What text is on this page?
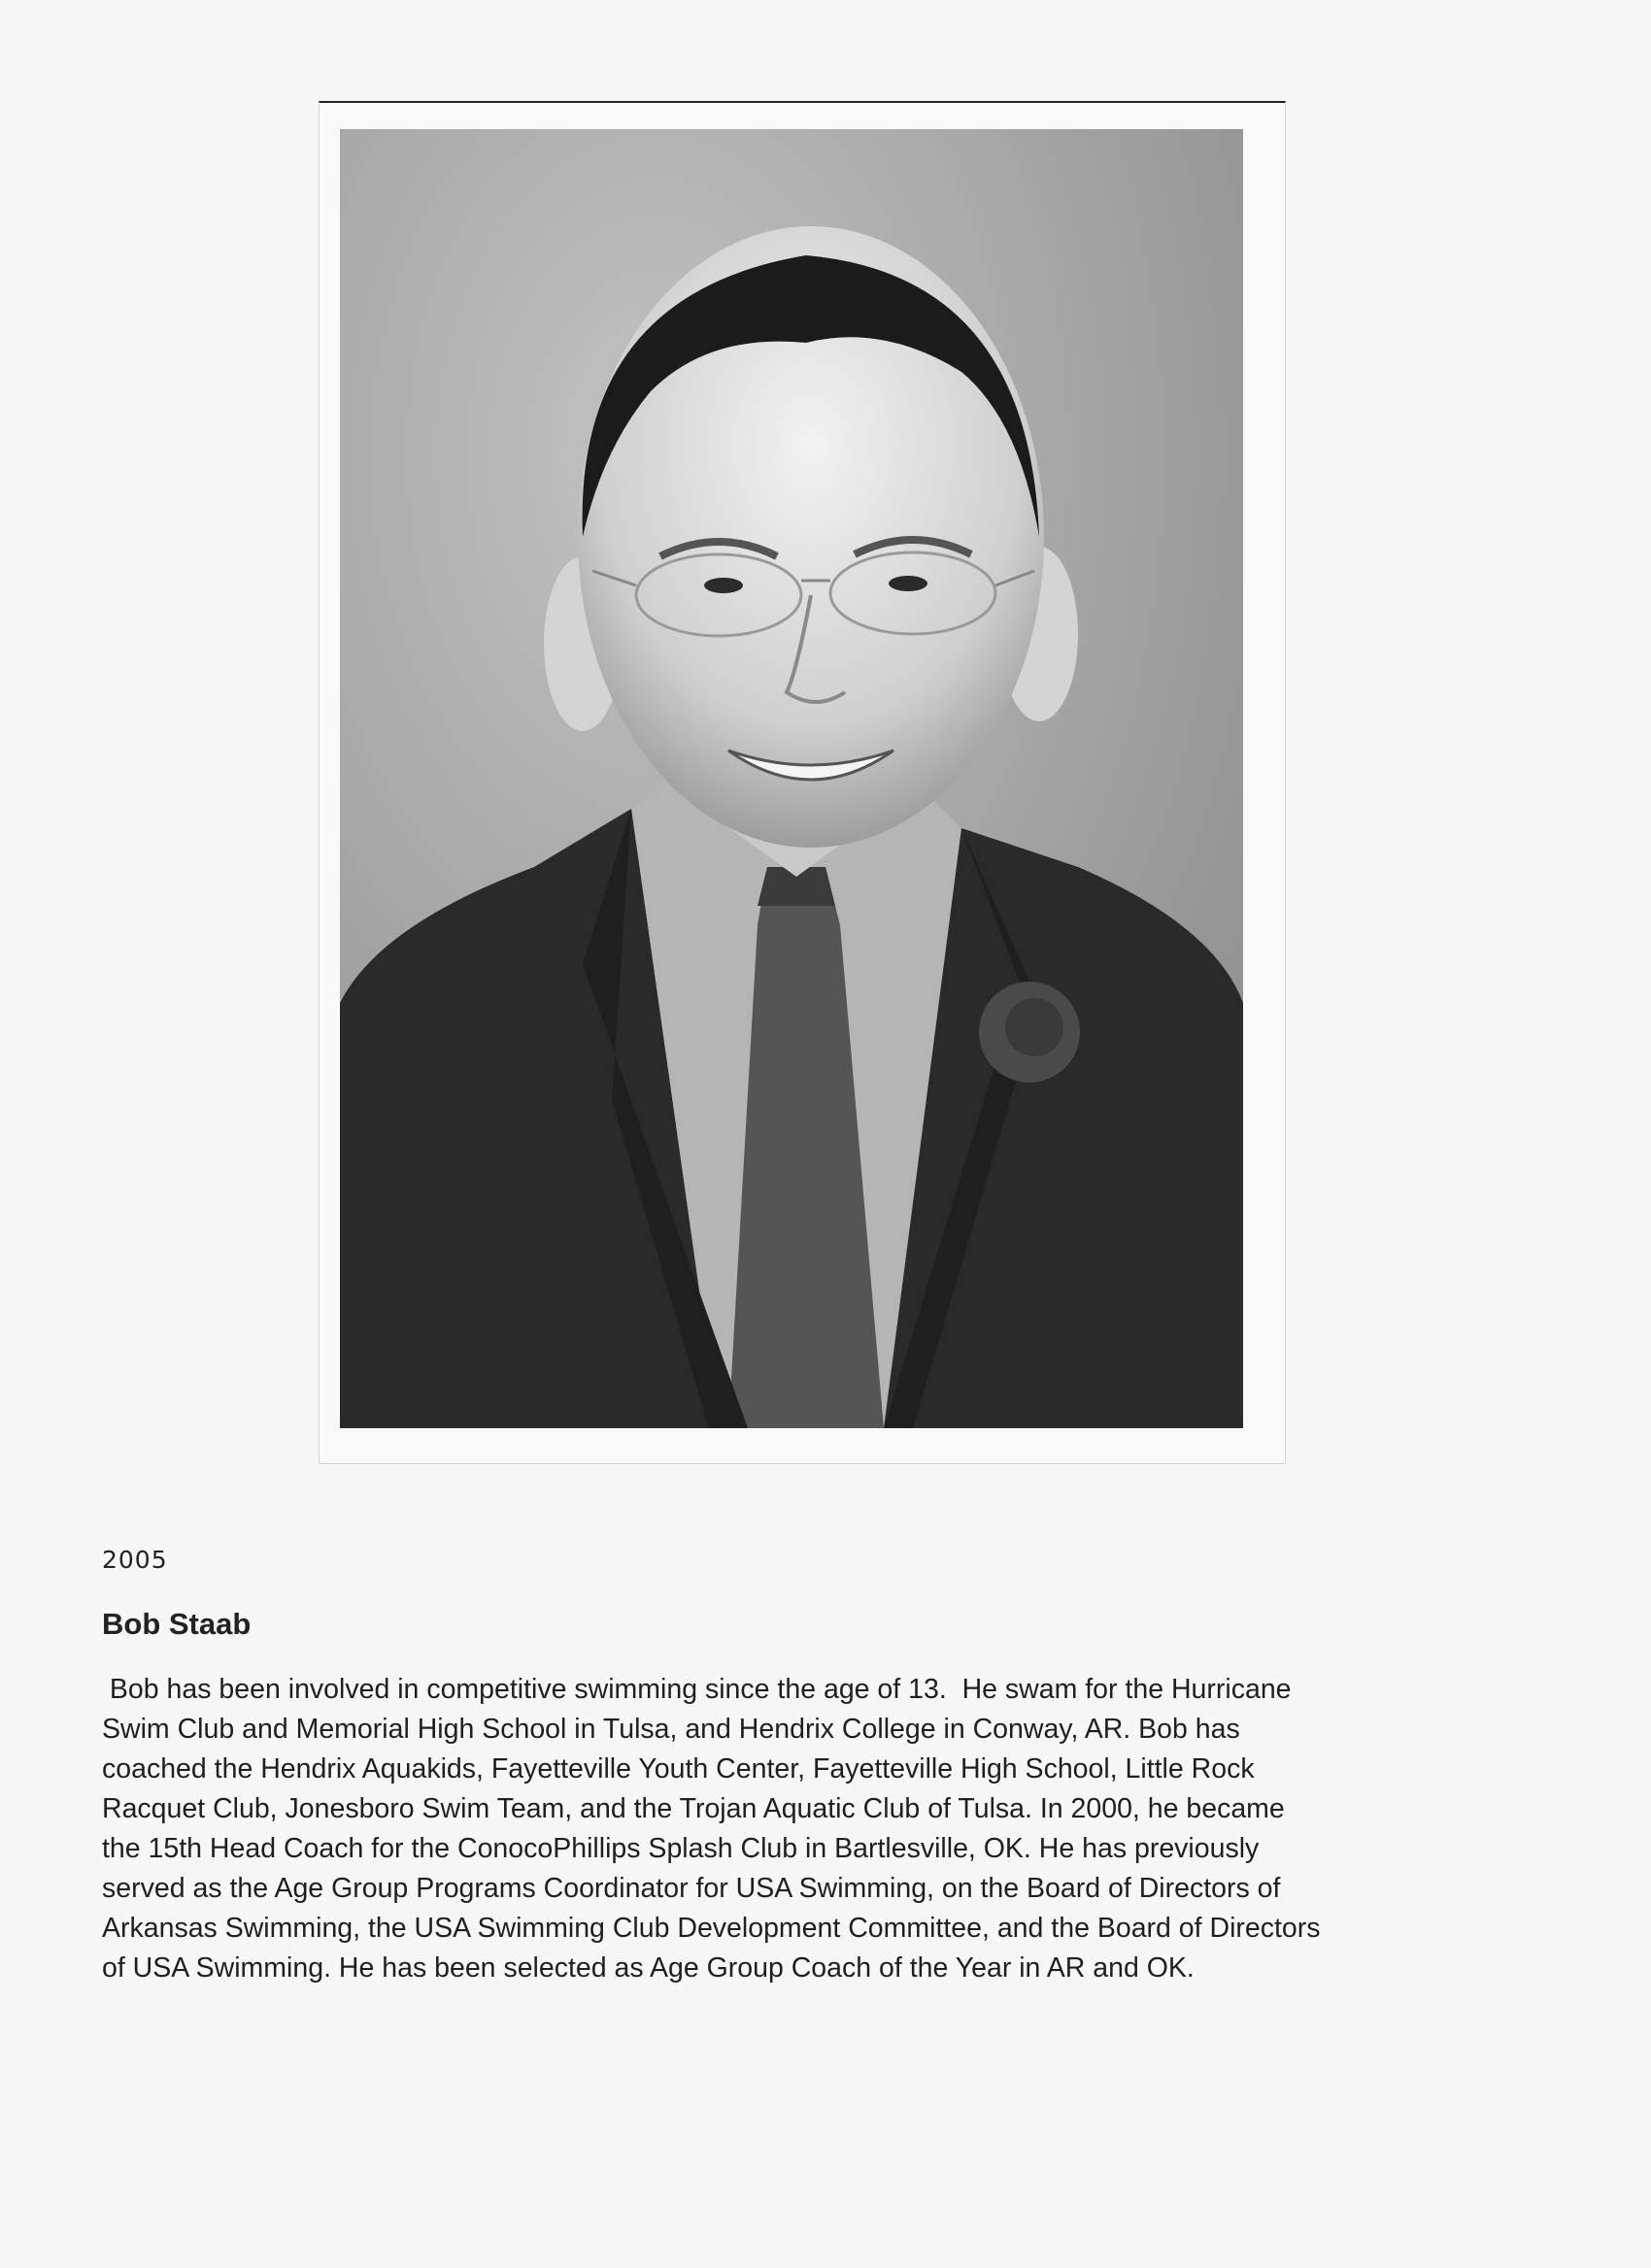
2005
Bob Staab
Bob has been involved in competitive swimming since the age of 13.  He swam for the Hurricane
Swim Club and Memorial High School in Tulsa, and Hendrix College in Conway, AR. Bob has
coached the Hendrix Aquakids, Fayetteville Youth Center, Fayetteville High School, Little Rock
Racquet Club, Jonesboro Swim Team, and the Trojan Aquatic Club of Tulsa. In 2000, he became
the 15th Head Coach for the ConocoPhillips Splash Club in Bartlesville, OK. He has previously
served as the Age Group Programs Coordinator for USA Swimming, on the Board of Directors of
Arkansas Swimming, the USA Swimming Club Development Committee, and the Board of Directors
of USA Swimming. He has been selected as Age Group Coach of the Year in AR and OK.
